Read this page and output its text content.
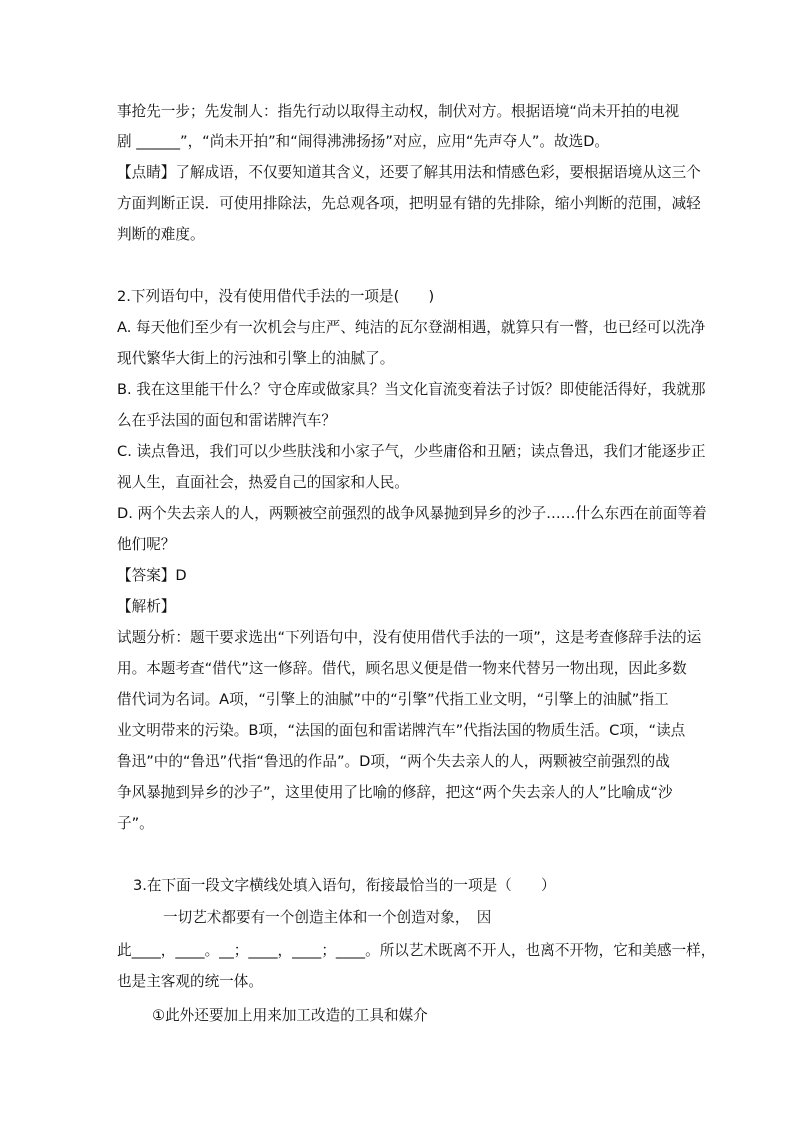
事抢先一步；先发制人：指先行动以取得主动权，制伏对方。根据语境“尚未开拍的电视
剧 ______”，“尚未开拍”和“闹得沸沸扬扬”对应，应用“先声夺人”。故选D。
【点睛】了解成语，不仅要知道其含义，还要了解其用法和情感色彩，要根据语境从这三个
方面判断正误．可使用排除法，先总观各项，把明显有错的先排除，缩小判断的范围，减轻
判断的难度。
2.下列语句中，没有使用借代手法的一项是(　　)
A. 每天他们至少有一次机会与庄严、纯洁的瓦尔登湖相遇，就算只有一瞥，也已经可以洗净
现代繁华大街上的污浊和引擎上的油腻了。
B. 我在这里能干什么？守仓库或做家具？当文化盲流变着法子讨饭？即使能活得好，我就那
么在乎法国的面包和雷诺牌汽车？
C. 读点鲁迅，我们可以少些肤浅和小家子气，少些庸俗和丑陋；读点鲁迅，我们才能逐步正
视人生，直面社会，热爱自己的国家和人民。
D. 两个失去亲人的人，两颗被空前强烈的战争风暴抛到异乡的沙子……什么东西在前面等着
他们呢？
【答案】D
【解析】
试题分析：题干要求选出“下列语句中，没有使用借代手法的一项”，这是考查修辞手法的运
用。本题考查“借代”这一修辞。借代，顾名思义便是借一物来代替另一物出现，因此多数
借代词为名词。A项，“引擎上的油腻”中的“引擎”代指工业文明，“引擎上的油腻”指工
业文明带来的污染。B项，“法国的面包和雷诺牌汽车”代指法国的物质生活。C项，“读点
鲁迅”中的“鲁迅”代指“鲁迅的作品”。D项，“两个失去亲人的人，两颗被空前强烈的战
争风暴抛到异乡的沙子”，这里使用了比喻的修辞，把这“两个失去亲人的人”比喻成“沙
子”。
3.在下面一段文字横线处填入语句，衔接最恰当的一项是（　　）
一切艺术都要有一个创造主体和一个创造对象，　因
此____，____。__；____，____；____。所以艺术既离不开人，也离不开物，它和美感一样，
也是主客观的统一体。
①此外还要加上用来加工改造的工具和媒介
